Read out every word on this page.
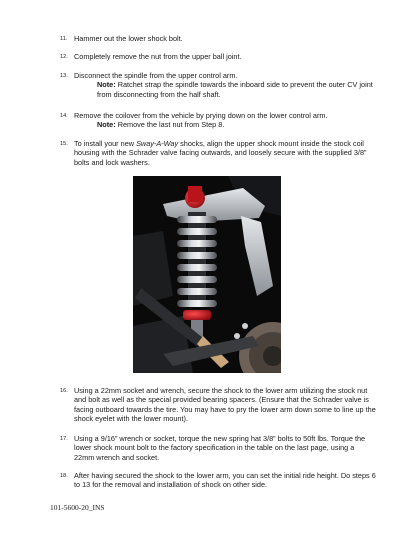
11. Hammer out the lower shock bolt.
12. Completely remove the nut from the upper ball joint.
13. Disconnect the spindle from the upper control arm.
Note: Ratchet strap the spindle towards the inboard side to prevent the outer CV joint from disconnecting from the half shaft.
14. Remove the coilover from the vehicle by prying down on the lower control arm.
Note: Remove the last nut from Step 8.
15. To install your new Sway-A-Way shocks, align the upper shock mount inside the stock coil housing with the Schrader valve facing outwards, and loosely secure with the supplied 3/8” bolts and lock washers.
16. Using a 22mm socket and wrench, secure the shock to the lower arm utilizing the stock nut and bolt as well as the special provided bearing spacers. (Ensure that the Schrader valve is facing outboard towards the tire. You may have to pry the lower arm down some to line up the shock eyelet with the lower mount).
17. Using a 9/16” wrench or socket, torque the new spring hat 3/8” bolts to 50ft lbs. Torque the lower shock mount bolt to the factory specification in the table on the last page, using a 22mm wrench and socket.
18. After having secured the shock to the lower arm, you can set the initial ride height. Do steps 6 to 13 for the removal and installation of shock on other side.
101-5600-20_INS
